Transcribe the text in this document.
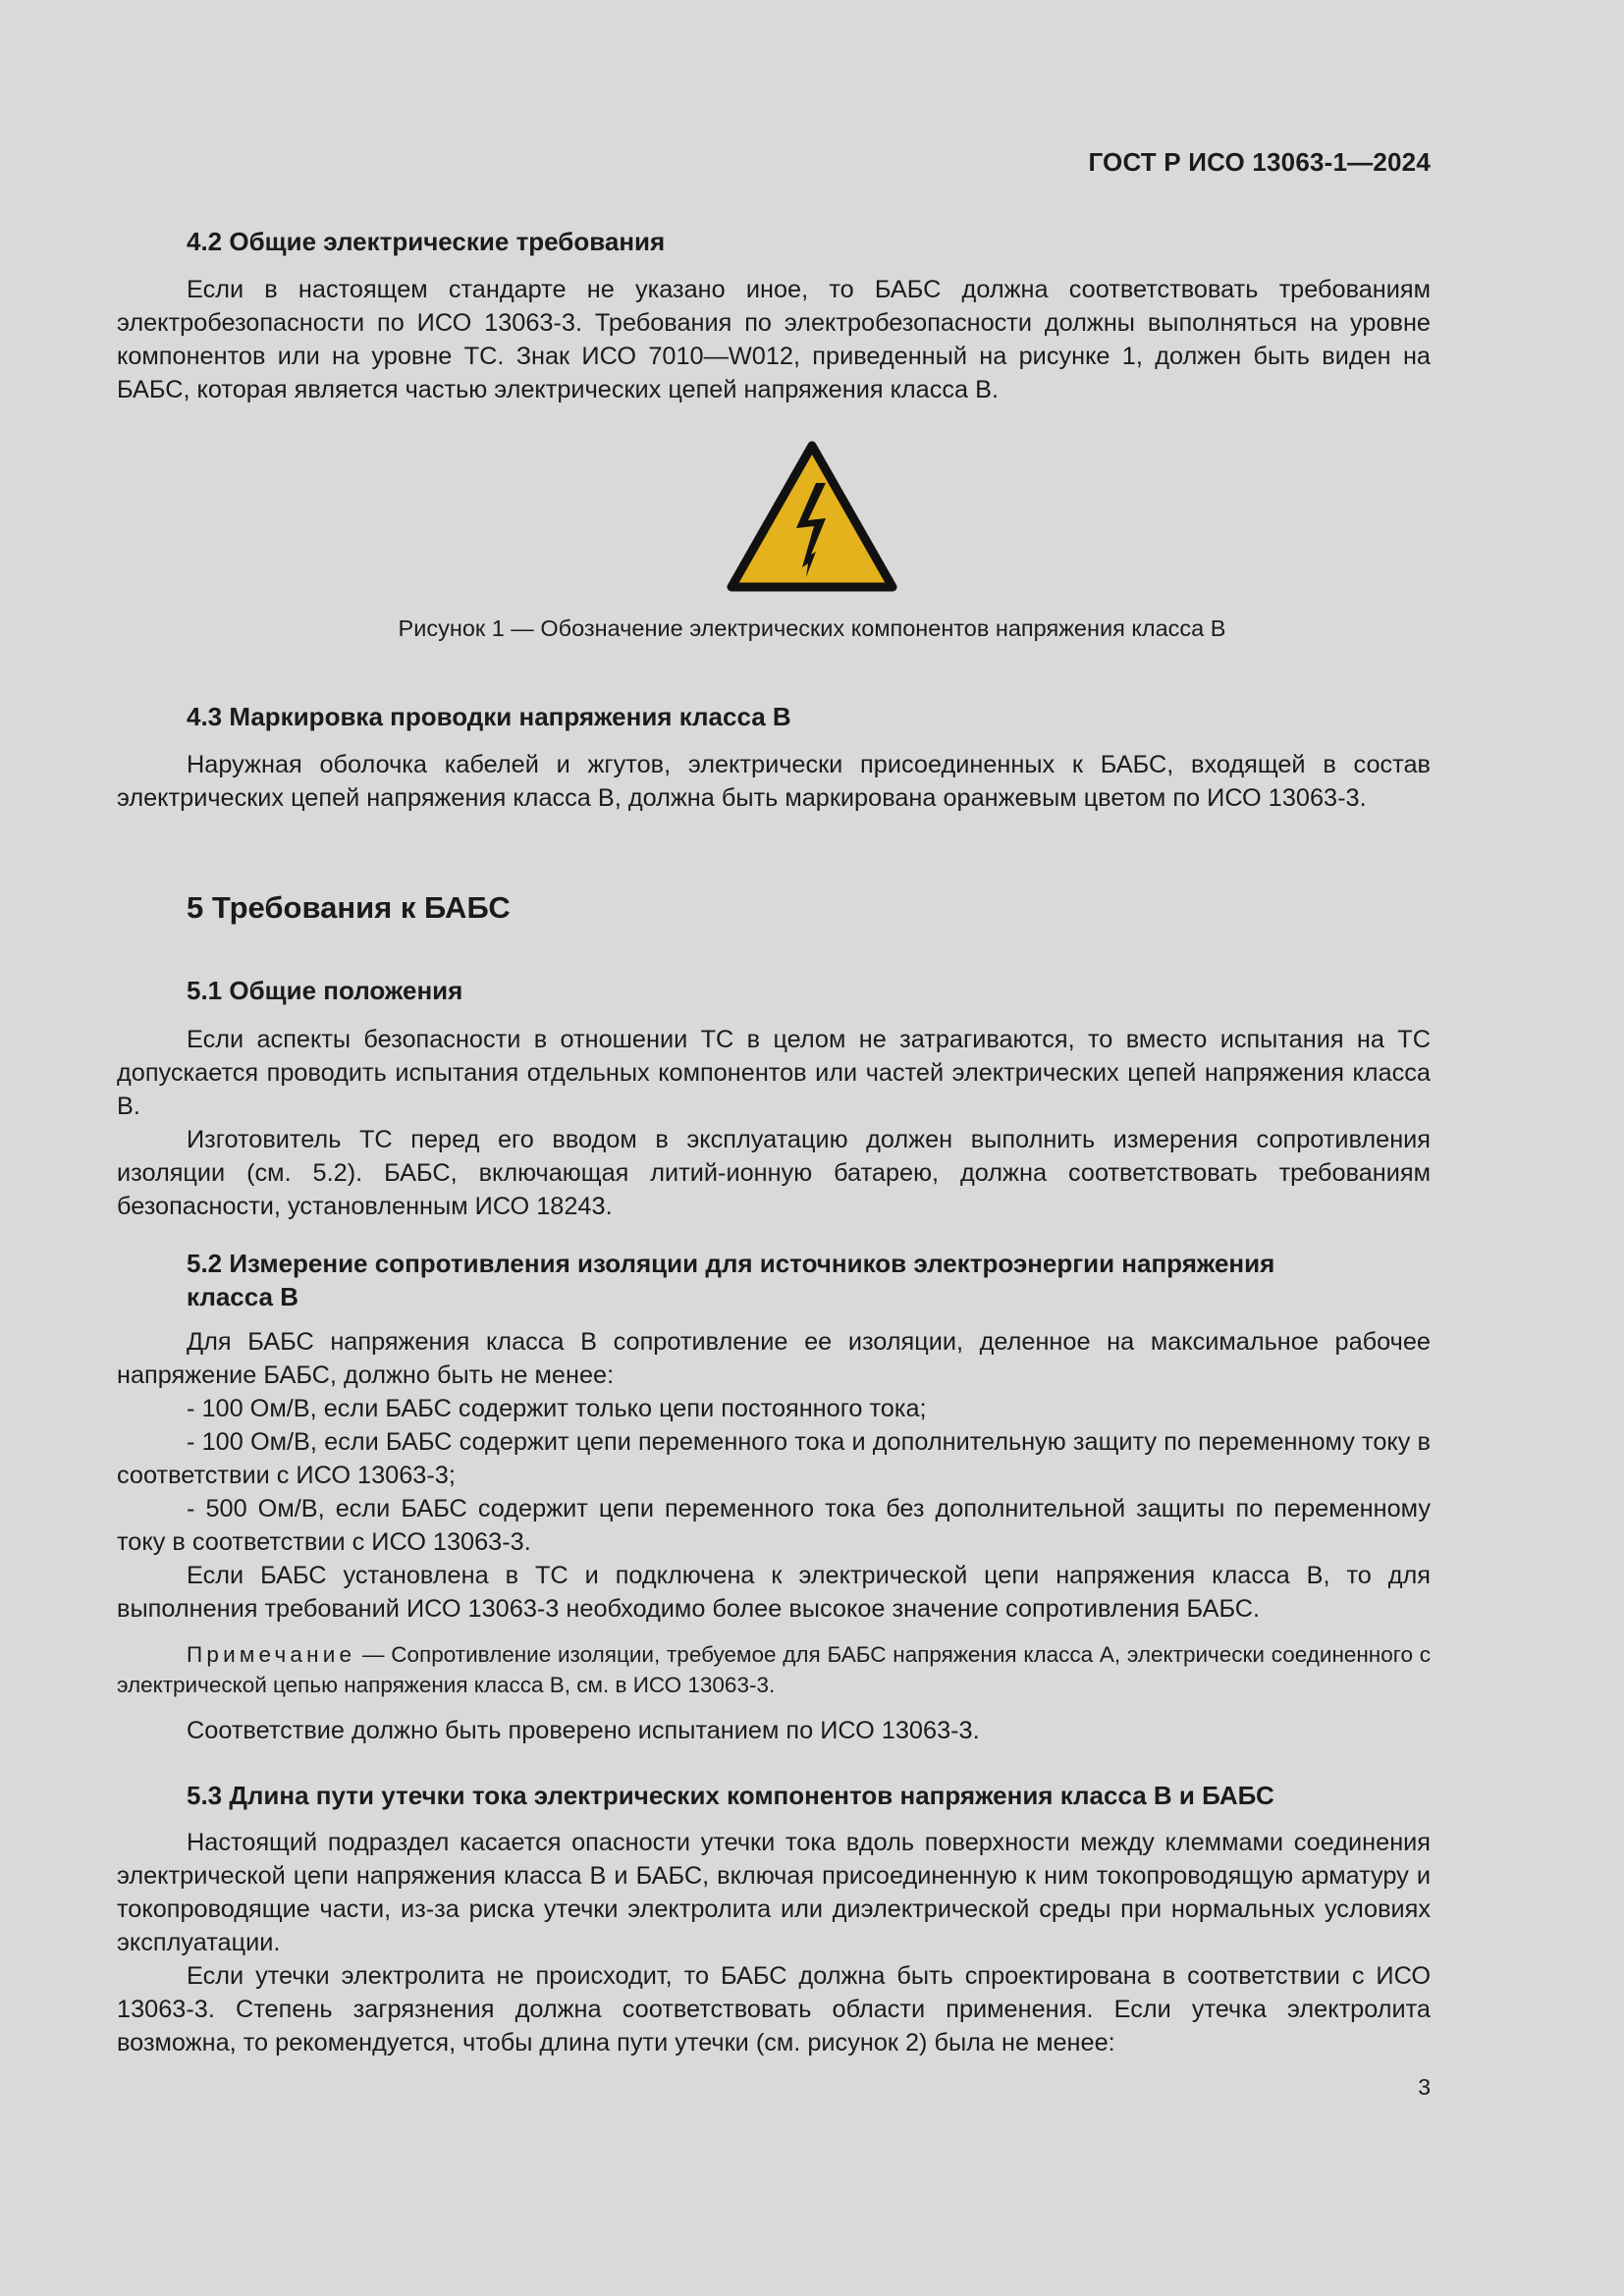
ГОСТ Р ИСО 13063-1—2024
4.2 Общие электрические требования

Если в настоящем стандарте не указано иное, то БАБС должна соответствовать требованиям электробезопасности по ИСО 13063-3. Требования по электробезопасности должны выполняться на уровне компонентов или на уровне ТС. Знак ИСО 7010—W012, приведенный на рисунке 1, должен быть виден на БАБС, которая является частью электрических цепей напряжения класса В.

Рисунок 1 — Обозначение электрических компонентов напряжения класса В
4.3 Маркировка проводки напряжения класса В

Наружная оболочка кабелей и жгутов, электрически присоединенных к БАБС, входящей в состав электрических цепей напряжения класса В, должна быть маркирована оранжевым цветом по ИСО 13063-3.

5 Требования к БАБС
5.1 Общие положения

Если аспекты безопасности в отношении ТС в целом не затрагиваются, то вместо испытания на ТС допускается проводить испытания отдельных компонентов или частей электрических цепей напряжения класса В.

Изготовитель ТС перед его вводом в эксплуатацию должен выполнить измерения сопротивления изоляции (см. 5.2). БАБС, включающая литий-ионную батарею, должна соответствовать требованиям безопасности, установленным ИСО 18243.

5.2 Измерение сопротивления изоляции для источников электроэнергии напряжения
класса В

Для БАБС напряжения класса В сопротивление ее изоляции, деленное на максимальное рабочее напряжение БАБС, должно быть не менее:

- 100 Ом/В, если БАБС содержит только цепи постоянного тока;

- 100 Ом/В, если БАБС содержит цепи переменного тока и дополнительную защиту по переменному току в соответствии с ИСО 13063-3;

- 500 Ом/В, если БАБС содержит цепи переменного тока без дополнительной защиты по переменному току в соответствии с ИСО 13063-3.

Если БАБС установлена в ТС и подключена к электрической цепи напряжения класса В, то для выполнения требований ИСО 13063-3 необходимо более высокое значение сопротивления БАБС.

Примечание — Сопротивление изоляции, требуемое для БАБС напряжения класса А, электрически соединенного с электрической цепью напряжения класса В, см. в ИСО 13063-3.

Соответствие должно быть проверено испытанием по ИСО 13063-3.

5.3 Длина пути утечки тока электрических компонентов напряжения класса В и БАБС

Настоящий подраздел касается опасности утечки тока вдоль поверхности между клеммами соединения электрической цепи напряжения класса В и БАБС, включая присоединенную к ним токопроводящую арматуру и токопроводящие части, из-за риска утечки электролита или диэлектрической среды при нормальных условиях эксплуатации.

Если утечки электролита не происходит, то БАБС должна быть спроектирована в соответствии с ИСО 13063-3. Степень загрязнения должна соответствовать области применения. Если утечка электролита возможна, то рекомендуется, чтобы длина пути утечки (см. рисунок 2) была не менее:

3
